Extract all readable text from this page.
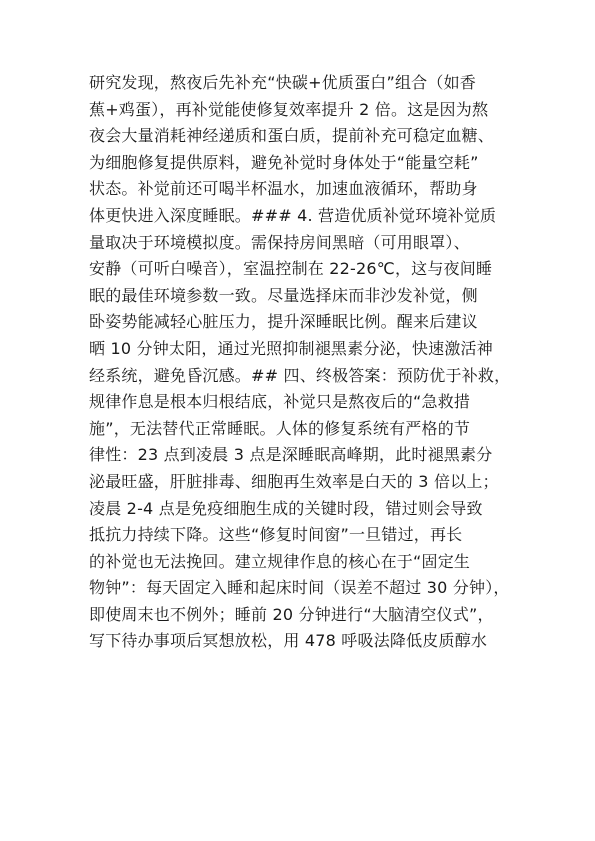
研究发现，熬夜后先补充“快碳+优质蛋白”组合（如香
蕉+鸡蛋），再补觉能使修复效率提升 2 倍。这是因为熬
夜会大量消耗神经递质和蛋白质，提前补充可稳定血糖、
为细胞修复提供原料，避免补觉时身体处于“能量空耗”
状态。补觉前还可喝半杯温水，加速血液循环，帮助身
体更快进入深度睡眠。### 4. 营造优质补觉环境补觉质
量取决于环境模拟度。需保持房间黑暗（可用眼罩）、
安静（可听白噪音），室温控制在 22-26℃，这与夜间睡
眠的最佳环境参数一致。尽量选择床而非沙发补觉，侧
卧姿势能减轻心脏压力，提升深睡眠比例。醒来后建议
晒 10 分钟太阳，通过光照抑制褪黑素分泌，快速激活神
经系统，避免昏沉感。## 四、终极答案：预防优于补救，
规律作息是根本归根结底，补觉只是熬夜后的“急救措
施”，无法替代正常睡眠。人体的修复系统有严格的节
律性：23 点到凌晨 3 点是深睡眠高峰期，此时褪黑素分
泌最旺盛，肝脏排毒、细胞再生效率是白天的 3 倍以上；
凌晨 2-4 点是免疫细胞生成的关键时段，错过则会导致
抵抗力持续下降。这些“修复时间窗”一旦错过，再长
的补觉也无法挽回。建立规律作息的核心在于“固定生
物钟”：每天固定入睡和起床时间（误差不超过 30 分钟），
即使周末也不例外；睡前 20 分钟进行“大脑清空仪式”，
写下待办事项后冥想放松，用 478 呼吸法降低皮质醇水
